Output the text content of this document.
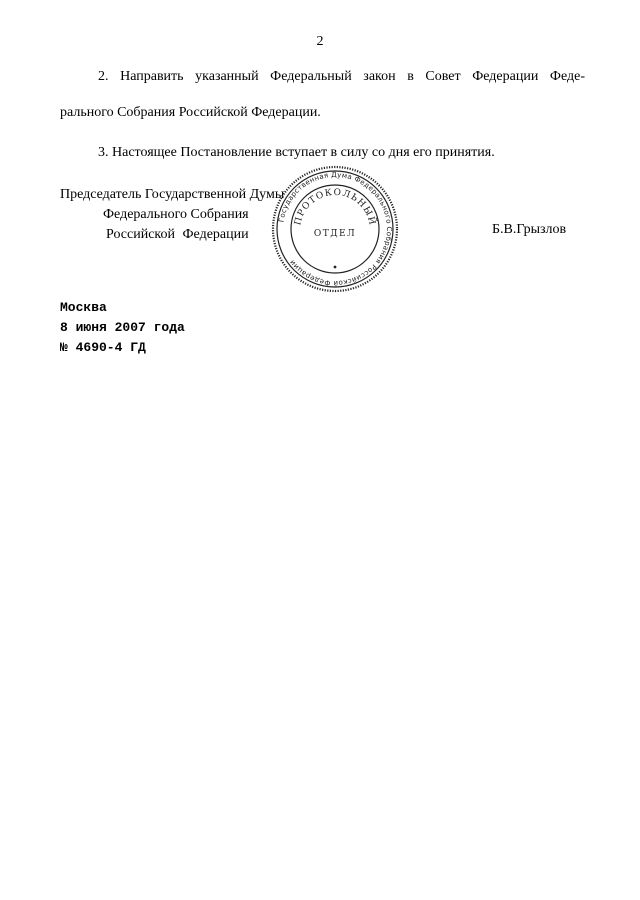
2

2. Направить указанный Федеральный закон в Совет Федерации Феде-
рального Собрания Российской Федерации.

3. Настоящее Постановление вступает в силу со дня его принятия.

Председатель Государственной Думы
Федерального Собрания
Российской Федерации
Государственная Дума Федерального Собрания Российской Федерации
ПРОТОКОЛЬНЫЙ
ОТДЕЛ	Б.В.Грызлов
Москва
8 июня 2007 года
№ 4690-4 ГД
